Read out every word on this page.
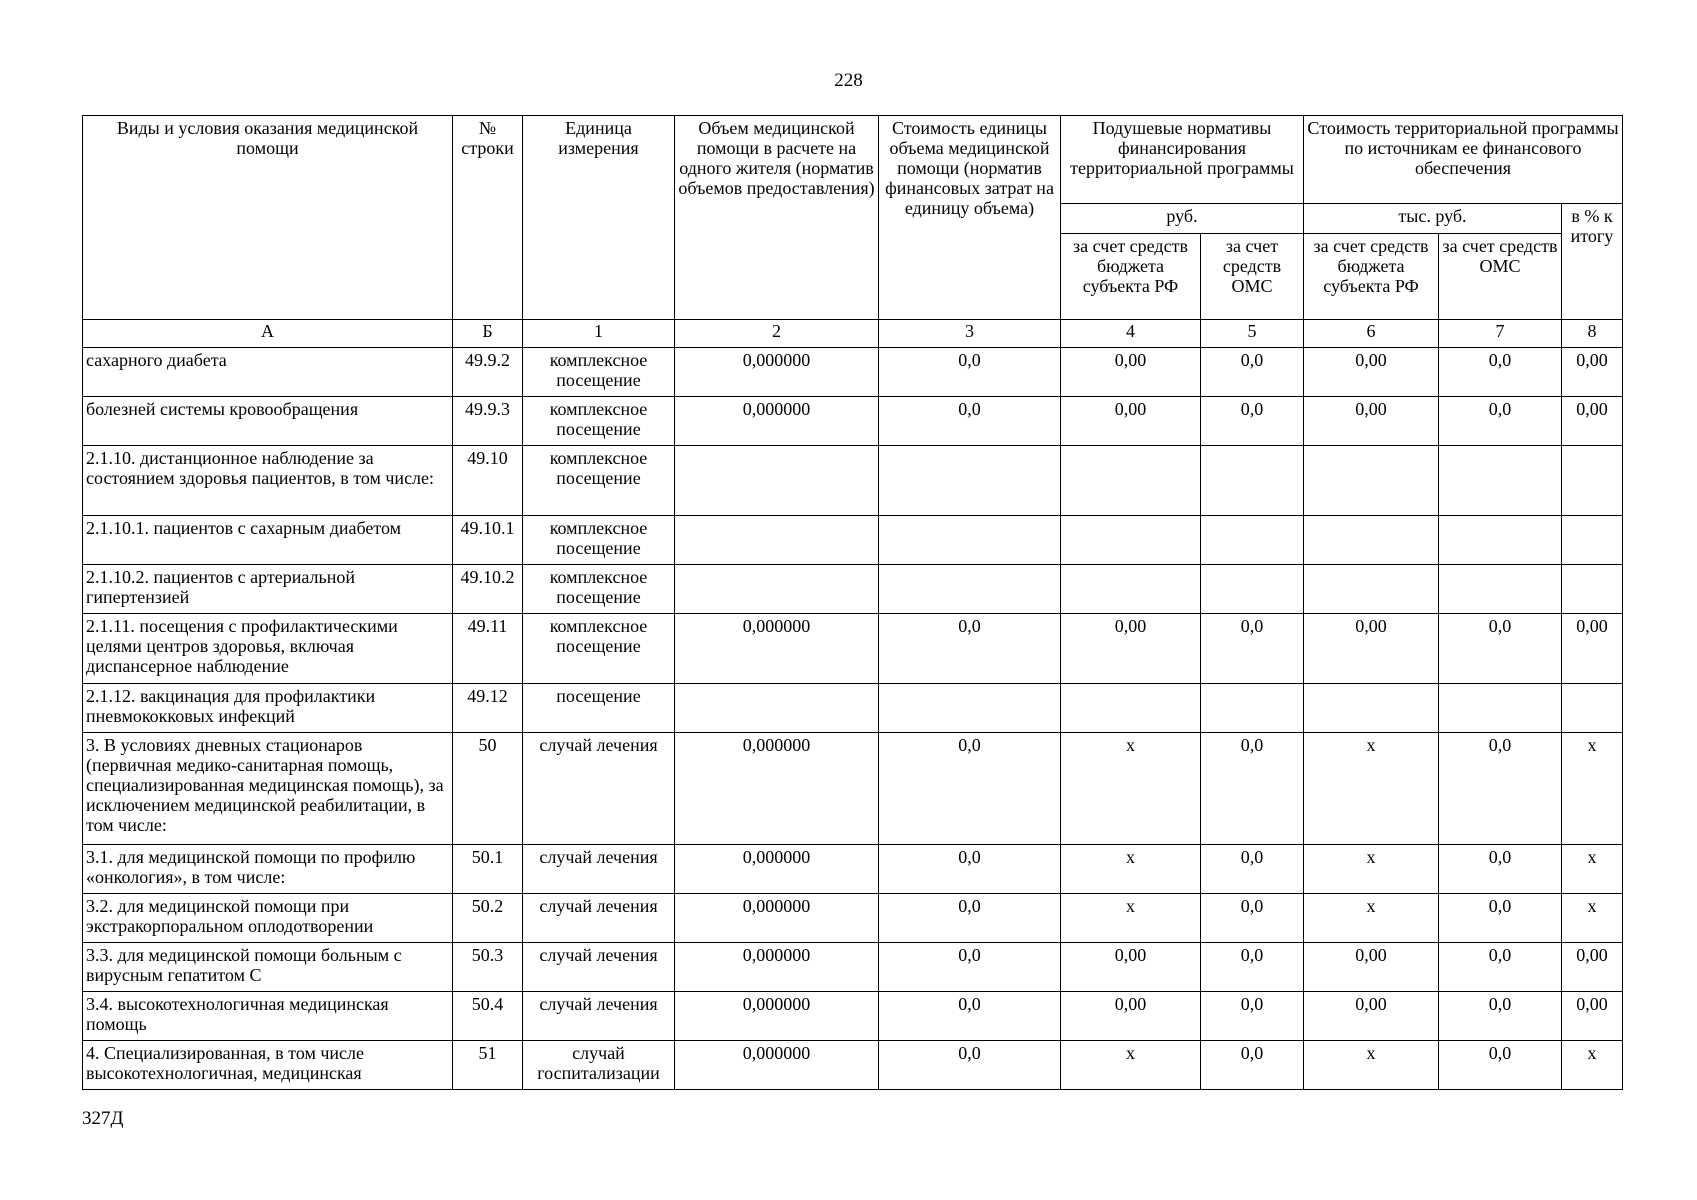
228
Виды и условия оказания медицинской помощи	№ строки	Единица измерения	Объем медицинской помощи в расчете на одного жителя (норматив объемов предоставления)	Стоимость единицы объема медицинской помощи (норматив финансовых затрат на единицу объема)	Подушевые нормативы финансирования территориальной программы		Стоимость территориальной программы по источникам ее финансового обеспечения		
					руб.		тыс. руб.		в % к итогу
					за счет средств бюджета субъекта РФ	за счет средств ОМС	за счет средств бюджета субъекта РФ	за счет средств ОМС	
А	Б	1	2	3	4	5	6	7	8
сахарного диабета	49.9.2	комплексное посещение	0,000000	0,0	0,00	0,0	0,00	0,0	0,00
болезней системы кровообращения	49.9.3	комплексное посещение	0,000000	0,0	0,00	0,0	0,00	0,0	0,00
2.1.10. дистанционное наблюдение за состоянием здоровья пациентов, в том числе:	49.10	комплексное посещение							
2.1.10.1. пациентов с сахарным диабетом	49.10.1	комплексное посещение							
2.1.10.2. пациентов с артериальной гипертензией	49.10.2	комплексное посещение							
2.1.11. посещения с профилактическими целями центров здоровья, включая диспансерное наблюдение	49.11	комплексное посещение	0,000000	0,0	0,00	0,0	0,00	0,0	0,00
2.1.12. вакцинация для профилактики пневмококковых инфекций	49.12	посещение							
3. В условиях дневных стационаров (первичная медико-санитарная помощь, специализированная медицинская помощь), за исключением медицинской реабилитации, в том числе:	50	случай лечения	0,000000	0,0	x	0,0	x	0,0	x
3.1. для медицинской помощи по профилю «онкология», в том числе:	50.1	случай лечения	0,000000	0,0	x	0,0	x	0,0	x
3.2. для медицинской помощи при экстракорпоральном оплодотворении	50.2	случай лечения	0,000000	0,0	x	0,0	x	0,0	x
3.3. для медицинской помощи больным с вирусным гепатитом С	50.3	случай лечения	0,000000	0,0	0,00	0,0	0,00	0,0	0,00
3.4. высокотехнологичная медицинская помощь	50.4	случай лечения	0,000000	0,0	0,00	0,0	0,00	0,0	0,00
4. Специализированная, в том числе высокотехнологичная, медицинская	51	случай госпитализации	0,000000	0,0	x	0,0	x	0,0	x
327Д
